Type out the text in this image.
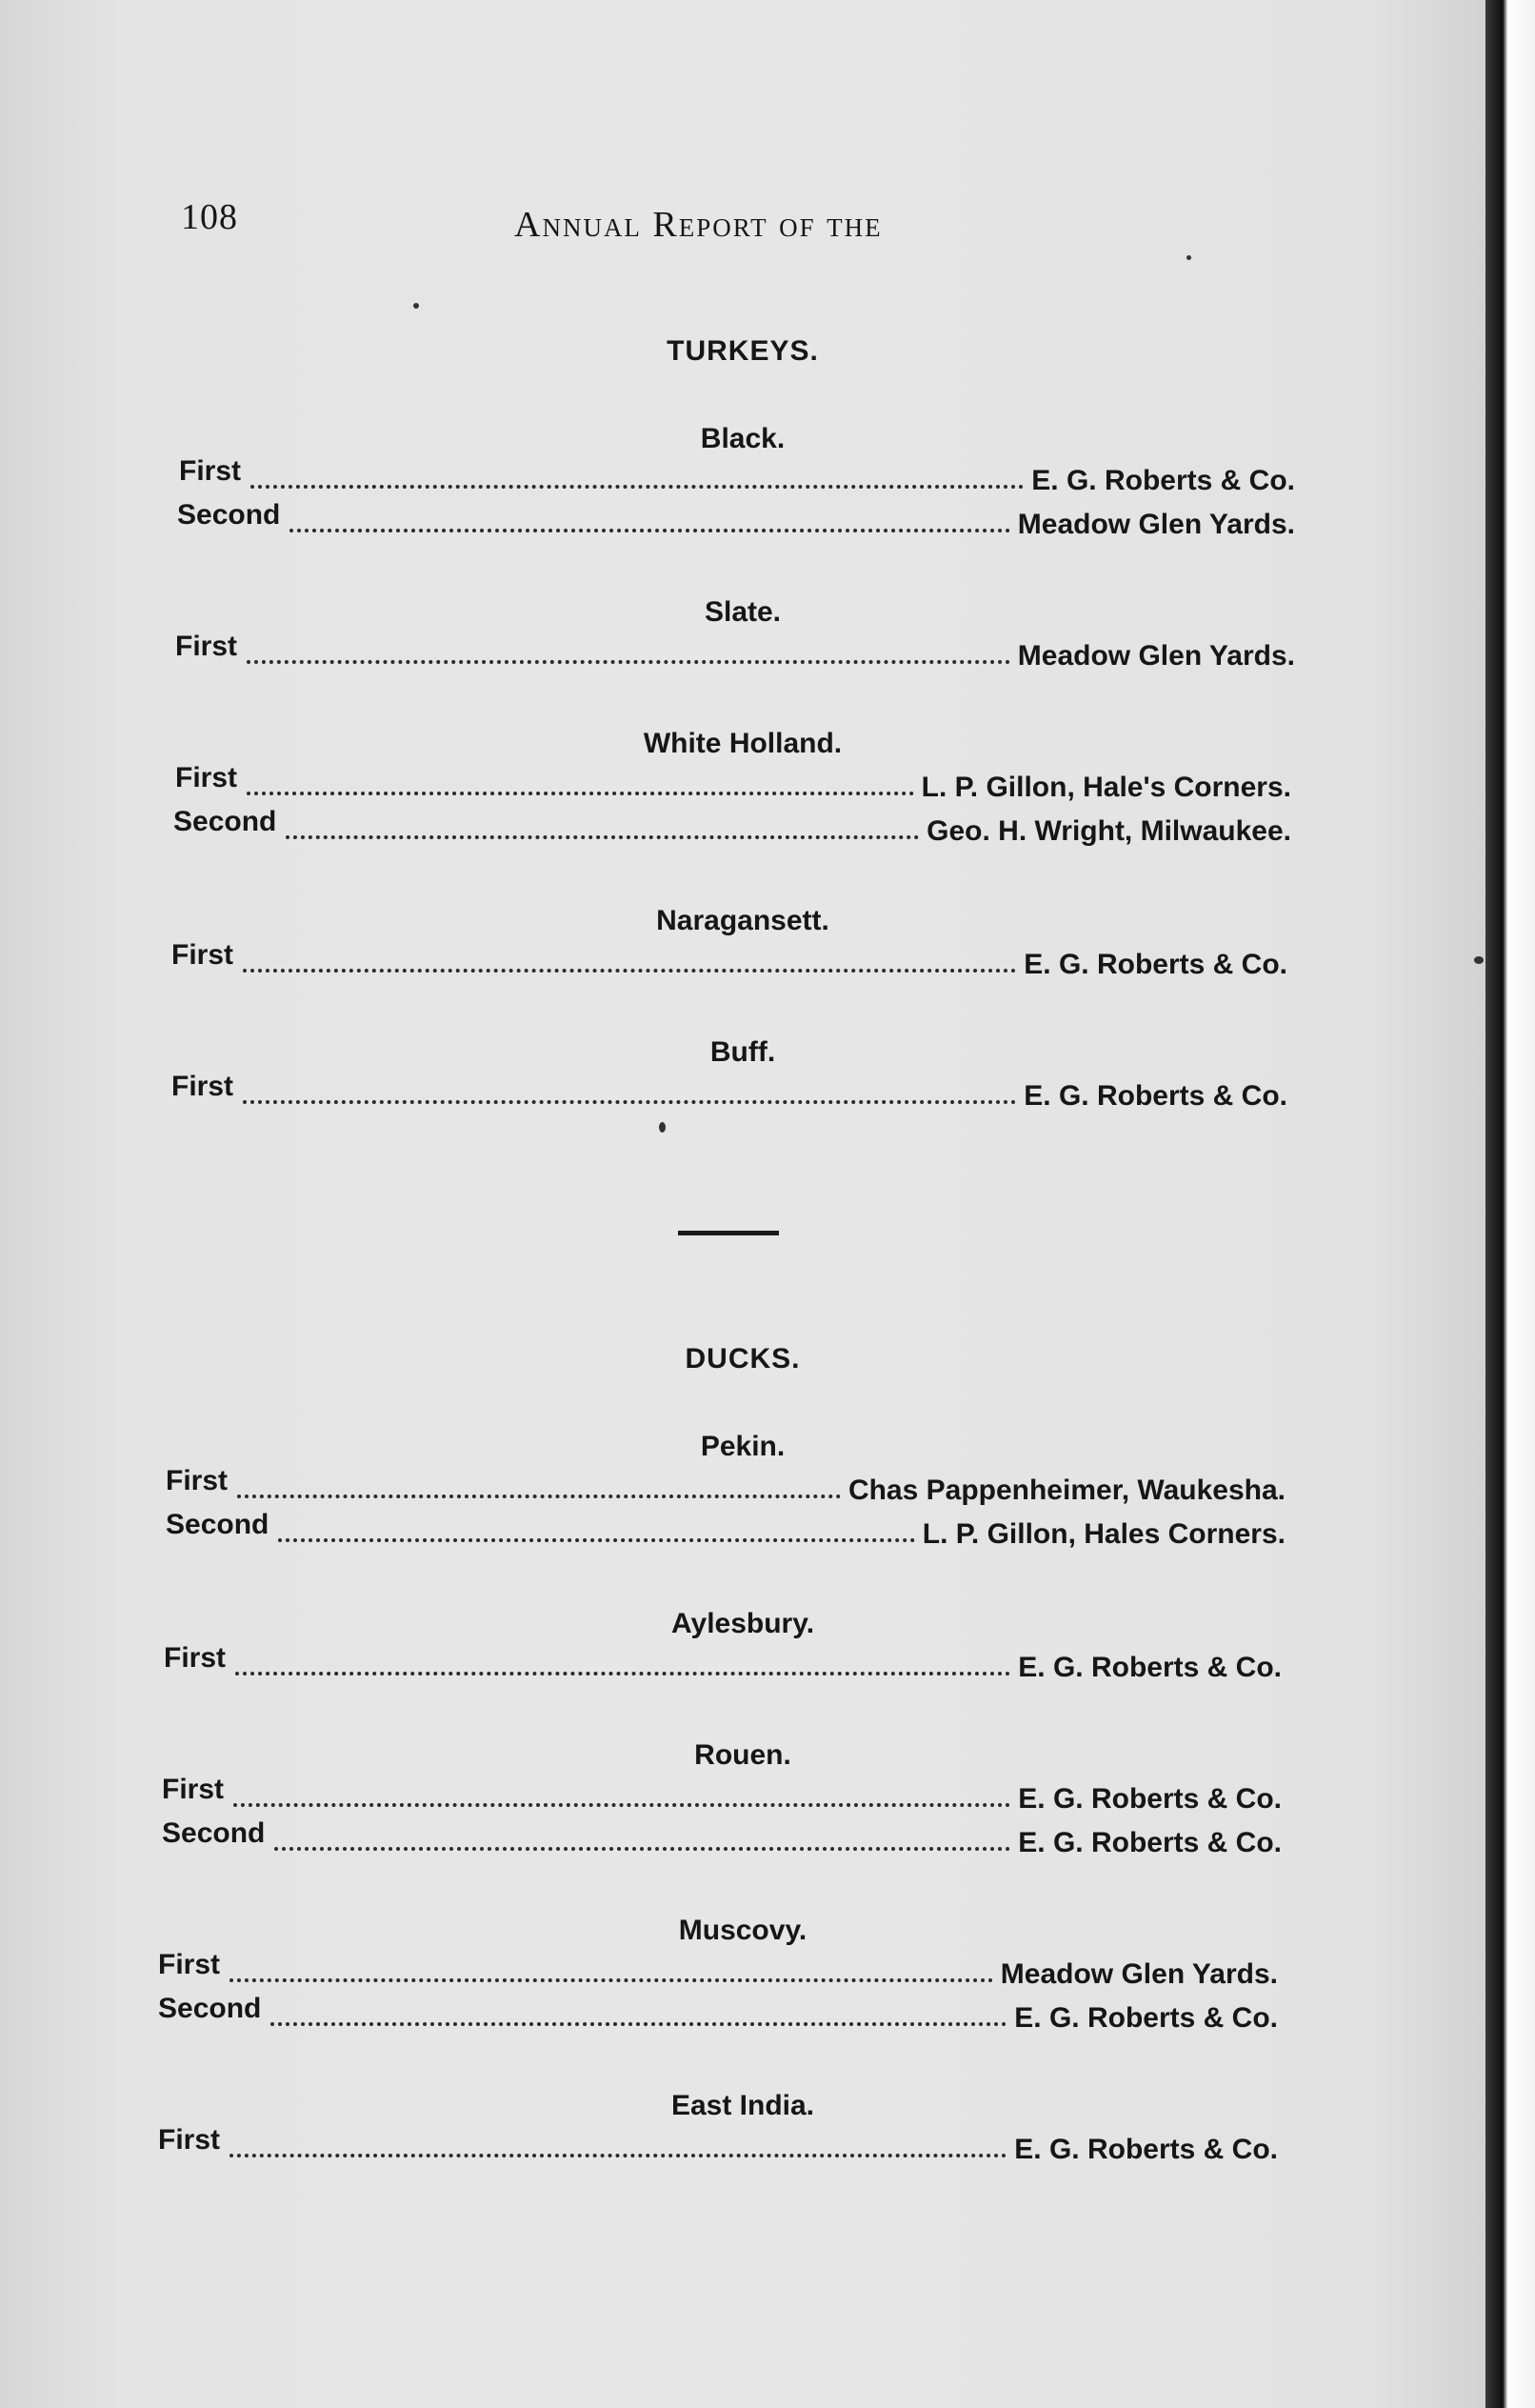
108	Annual Report of the
TURKEYS.
Black.
First	E. G. Roberts & Co.
Second	Meadow Glen Yards.
Slate.
First	Meadow Glen Yards.
White Holland.
First	L. P. Gillon, Hale's Corners.
Second	Geo. H. Wright, Milwaukee.
Naragansett.
First	E. G. Roberts & Co.
Buff.
First	E. G. Roberts & Co.
DUCKS.
Pekin.
First	Chas Pappenheimer, Waukesha.
Second	L. P. Gillon, Hales Corners.
Aylesbury.
First	E. G. Roberts & Co.
Rouen.
First	E. G. Roberts & Co.
Second	E. G. Roberts & Co.
Muscovy.
First	Meadow Glen Yards.
Second	E. G. Roberts & Co.
East India.
First	E. G. Roberts & Co.
